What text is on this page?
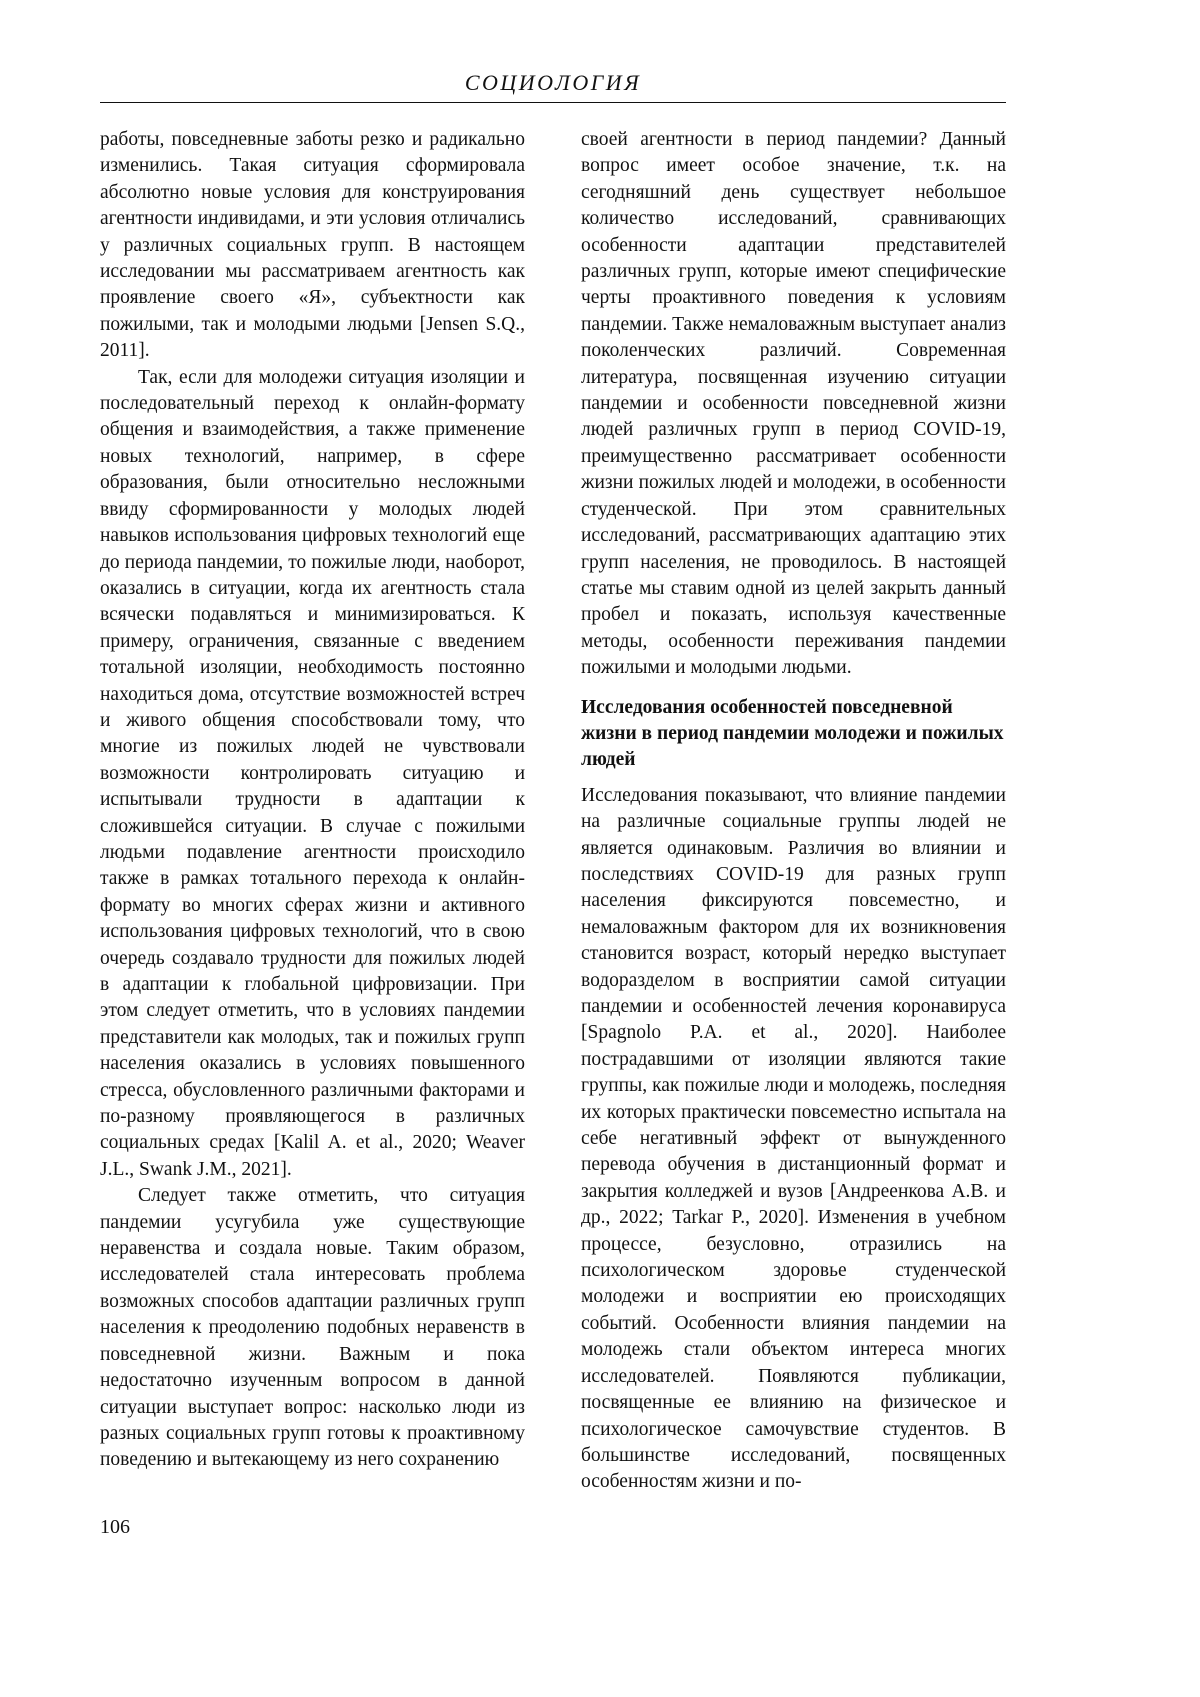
СОЦИОЛОГИЯ

работы, повседневные заботы резко и радикально изменились. Такая ситуация сформировала абсолютно новые условия для конструирования агентности индивидами, и эти условия отличались у различных социальных групп. В настоящем исследовании мы рассматриваем агентность как проявление своего «Я», субъектности как пожилыми, так и молодыми людьми [Jensen S.Q., 2011].

Так, если для молодежи ситуация изоляции и последовательный переход к онлайн-формату общения и взаимодействия, а также применение новых технологий, например, в сфере образования, были относительно несложными ввиду сформированности у молодых людей навыков использования цифровых технологий еще до периода пандемии, то пожилые люди, наоборот, оказались в ситуации, когда их агентность стала всячески подавляться и минимизироваться. К примеру, ограничения, связанные с введением тотальной изоляции, необходимость постоянно находиться дома, отсутствие возможностей встреч и живого общения способствовали тому, что многие из пожилых людей не чувствовали возможности контролировать ситуацию и испытывали трудности в адаптации к сложившейся ситуации. В случае с пожилыми людьми подавление агентности происходило также в рамках тотального перехода к онлайн-формату во многих сферах жизни и активного использования цифровых технологий, что в свою очередь создавало трудности для пожилых людей в адаптации к глобальной цифровизации. При этом следует отметить, что в условиях пандемии представители как молодых, так и пожилых групп населения оказались в условиях повышенного стресса, обусловленного различными факторами и по-разному проявляющегося в различных социальных средах [Kalil A. et al., 2020; Weaver J.L., Swank J.M., 2021].

Следует также отметить, что ситуация пандемии усугубила уже существующие неравенства и создала новые. Таким образом, исследователей стала интересовать проблема возможных способов адаптации различных групп населения к преодолению подобных неравенств в повседневной жизни. Важным и пока недостаточно изученным вопросом в данной ситуации выступает вопрос: насколько люди из разных социальных групп готовы к проактивному поведению и вытекающему из него сохранению

своей агентности в период пандемии? Данный вопрос имеет особое значение, т.к. на сегодняшний день существует небольшое количество исследований, сравнивающих особенности адаптации представителей различных групп, которые имеют специфические черты проактивного поведения к условиям пандемии. Также немаловажным выступает анализ поколенческих различий. Современная литература, посвященная изучению ситуации пандемии и особенности повседневной жизни людей различных групп в период COVID-19, преимущественно рассматривает особенности жизни пожилых людей и молодежи, в особенности студенческой. При этом сравнительных исследований, рассматривающих адаптацию этих групп населения, не проводилось. В настоящей статье мы ставим одной из целей закрыть данный пробел и показать, используя качественные методы, особенности переживания пандемии пожилыми и молодыми людьми.

Исследования особенностей повседневной жизни в период пандемии молодежи и пожилых людей

Исследования показывают, что влияние пандемии на различные социальные группы людей не является одинаковым. Различия во влиянии и последствиях COVID-19 для разных групп населения фиксируются повсеместно, и немаловажным фактором для их возникновения становится возраст, который нередко выступает водоразделом в восприятии самой ситуации пандемии и особенностей лечения коронавируса [Spagnolo P.A. et al., 2020]. Наиболее пострадавшими от изоляции являются такие группы, как пожилые люди и молодежь, последняя их которых практически повсеместно испытала на себе негативный эффект от вынужденного перевода обучения в дистанционный формат и закрытия колледжей и вузов [Андреенкова А.В. и др., 2022; Tarkar P., 2020]. Изменения в учебном процессе, безусловно, отразились на психологическом здоровье студенческой молодежи и восприятии ею происходящих событий. Особенности влияния пандемии на молодежь стали объектом интереса многих исследователей. Появляются публикации, посвященные ее влиянию на физическое и психологическое самочувствие студентов. В большинстве исследований, посвященных особенностям жизни и по-

106
